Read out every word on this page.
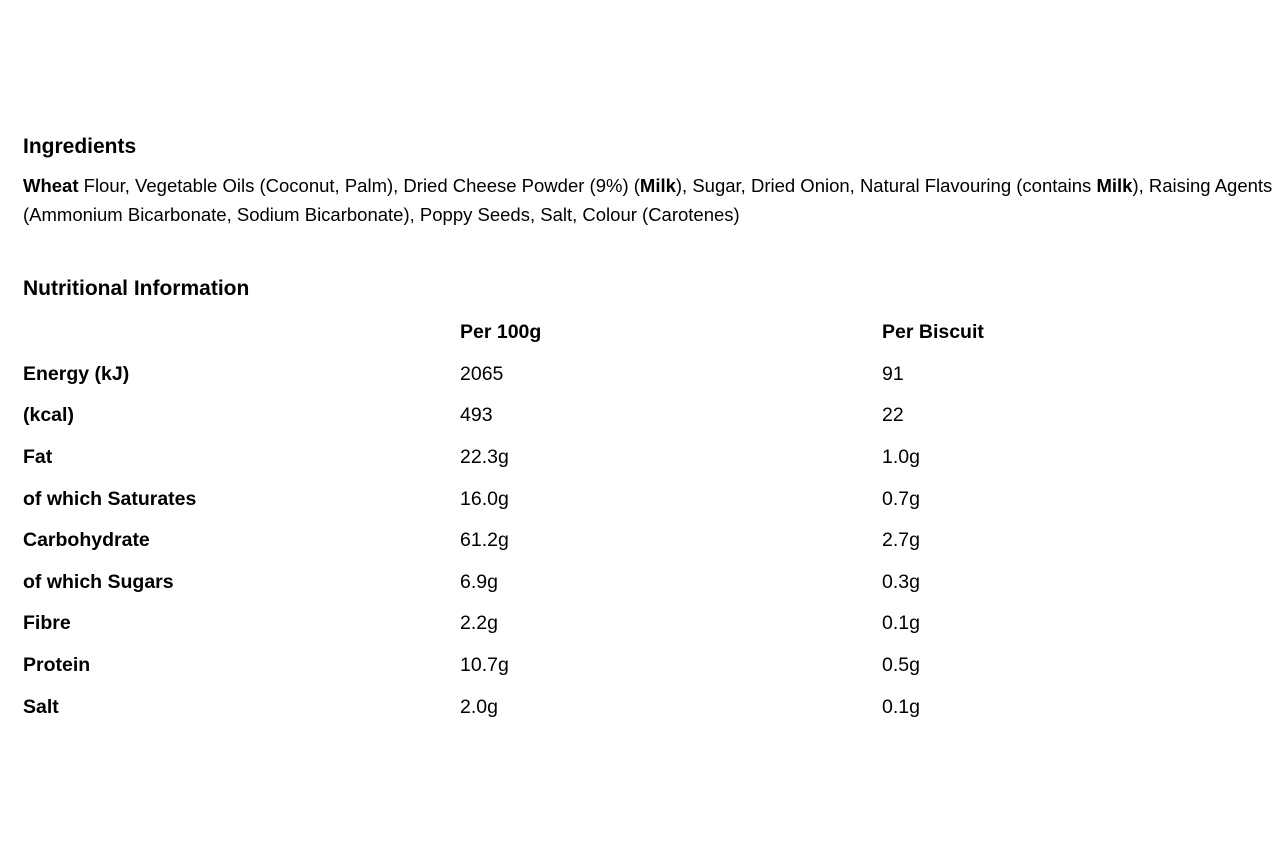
Ingredients

Wheat Flour, Vegetable Oils (Coconut, Palm), Dried Cheese Powder (9%) (Milk), Sugar, Dried Onion, Natural Flavouring (contains Milk), Raising Agents (Ammonium Bicarbonate, Sodium Bicarbonate), Poppy Seeds, Salt, Colour (Carotenes)

Nutritional Information
	Per 100g	Per Biscuit
Energy (kJ)	2065	91
(kcal)	493	22
Fat	22.3g	1.0g
of which Saturates	16.0g	0.7g
Carbohydrate	61.2g	2.7g
of which Sugars	6.9g	0.3g
Fibre	2.2g	0.1g
Protein	10.7g	0.5g
Salt	2.0g	0.1g
